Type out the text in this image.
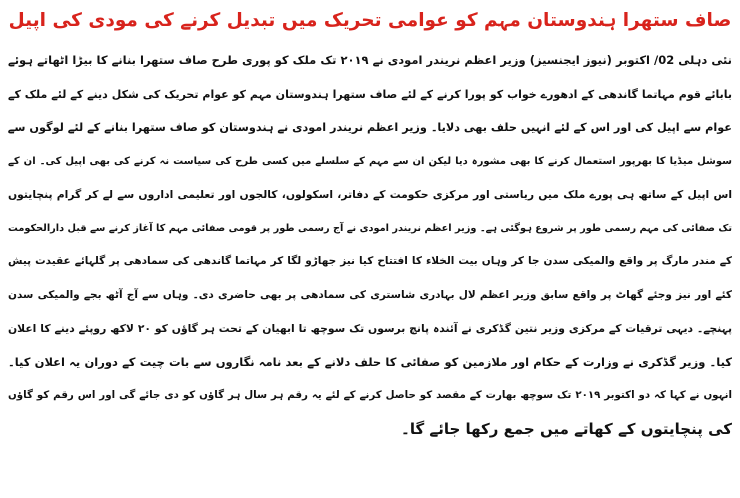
صاف ستھرا ہندوستان مہم کو عوامی تحریک میں تبدیل کرنے کی مودی کی اپیل
نئی دہلی 02/ اکتوبر (نیوز ایجنسیز) وزیر اعظم نریندر امودی نے ۲۰۱۹ تک ملک کو پوری طرح صاف ستھرا بنانے کا بیڑا اٹھاتے ہوئے
بابائے قوم مہاتما گاندھی کے ادھورے خواب کو پورا کرنے کے لئے صاف ستھرا ہندوستان مہم کو عوام تحریک کی شکل دینے کے لئے ملک کے
عوام سے اپیل کی اور اس کے لئے انہیں حلف بھی دلایا۔ وزیر اعظم نریندر امودی نے ہندوستان کو صاف ستھرا بنانے کے لئے لوگوں سے
سوشل میڈیا کا بھرپور استعمال کرنے کا بھی مشورہ دیا لیکن ان سے مہم کے سلسلے میں کسی طرح کی سیاست نہ کرنے کی بھی اپیل کی۔ ان کے
اس اپیل کے ساتھ ہی پورے ملک میں ریاستی اور مرکزی حکومت کے دفاتر، اسکولوں، کالجوں اور تعلیمی اداروں سے لے کر گرام پنچایتوں
تک صفائی کی مہم رسمی طور پر شروع ہوگئی ہے۔ وزیر اعظم نریندر امودی نے آج رسمی طور پر قومی صفائی مہم کا آغاز کرنے سے قبل دارالحکومت
کے مندر مارگ پر واقع والمیکی سدن جا کر وہاں بیت الخلاء کا افتتاح کیا نیز جھاڑو لگا کر مہاتما گاندھی کی سمادھی پر گلہائے عقیدت پیش
کئے اور نیز وجئے گھاٹ پر واقع سابق وزیر اعظم لال بہادری شاستری کی سمادھی پر بھی حاضری دی۔ وہاں سے آج آٹھ بجے والمیکی سدن
پہنچے۔ دیہی ترقیات کے مرکزی وزیر نتین گڈکری نے آئندہ پانچ برسوں تک سوچھ تا ابھیان کے تحت ہر گاؤں کو ۲۰ لاکھ روپئے دینے کا اعلان
کیا۔ وزیر گڈکری نے وزارت کے حکام اور ملازمین کو صفائی کا حلف دلانے کے بعد نامہ نگاروں سے بات چیت کے دوران یہ اعلان کیا۔
انہوں نے کہا کہ دو اکتوبر ۲۰۱۹ تک سوچھ بھارت کے مقصد کو حاصل کرنے کے لئے یہ رقم ہر سال ہر گاؤں کو دی جائے گی اور اس رقم کو گاؤں
کی پنچایتوں کے کھاتے میں جمع رکھا جائے گا۔
